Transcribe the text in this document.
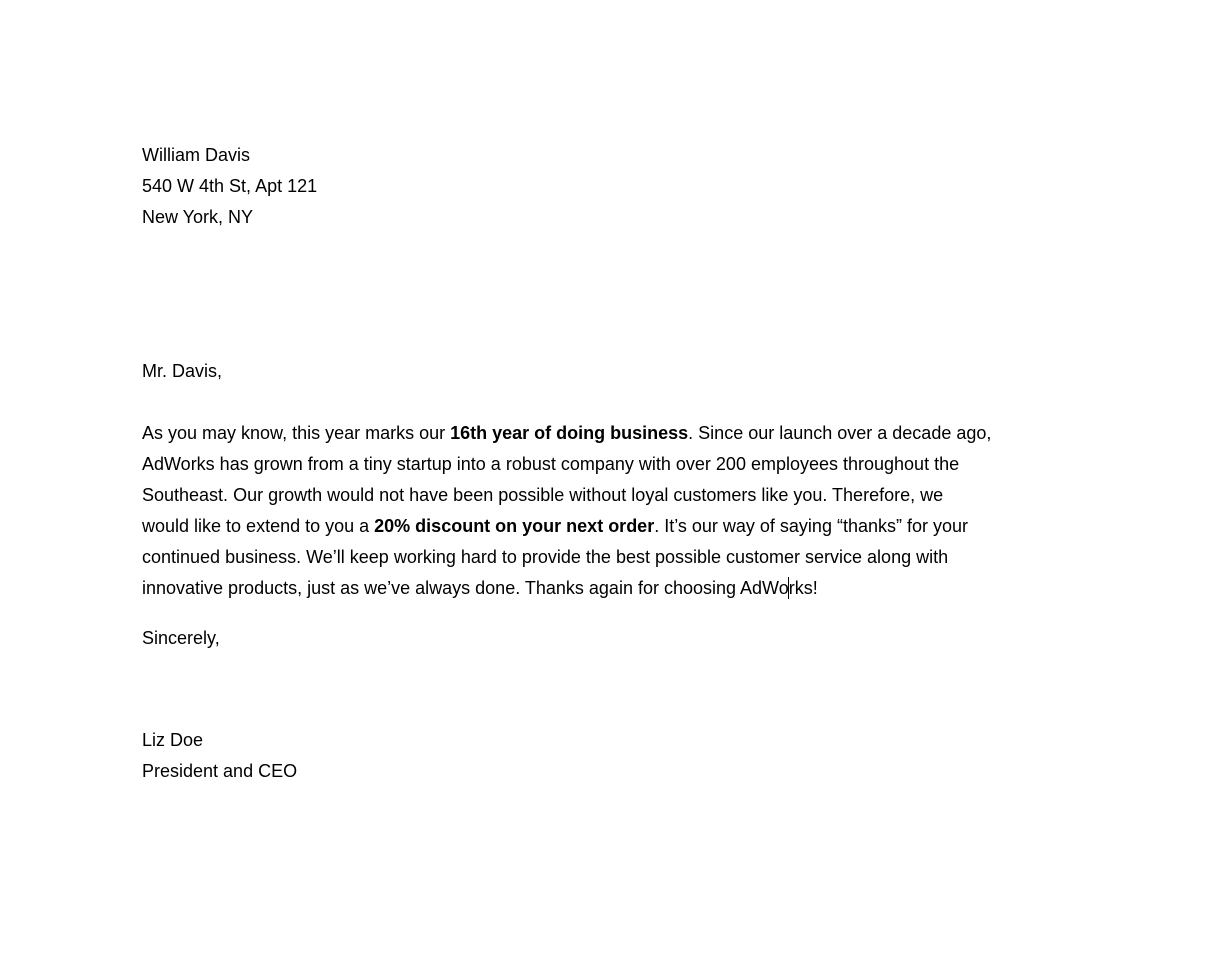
William Davis
540 W 4th St, Apt 121
New York, NY
Mr. Davis,
As you may know, this year marks our 16th year of doing business. Since our launch over a decade ago,
AdWorks has grown from a tiny startup into a robust company with over 200 employees throughout the
Southeast. Our growth would not have been possible without loyal customers like you. Therefore, we
would like to extend to you a 20% discount on your next order. It’s our way of saying “thanks” for your
continued business. We’ll keep working hard to provide the best possible customer service along with
innovative products, just as we’ve always done. Thanks again for choosing AdWorks!
Sincerely,
Liz Doe
President and CEO
